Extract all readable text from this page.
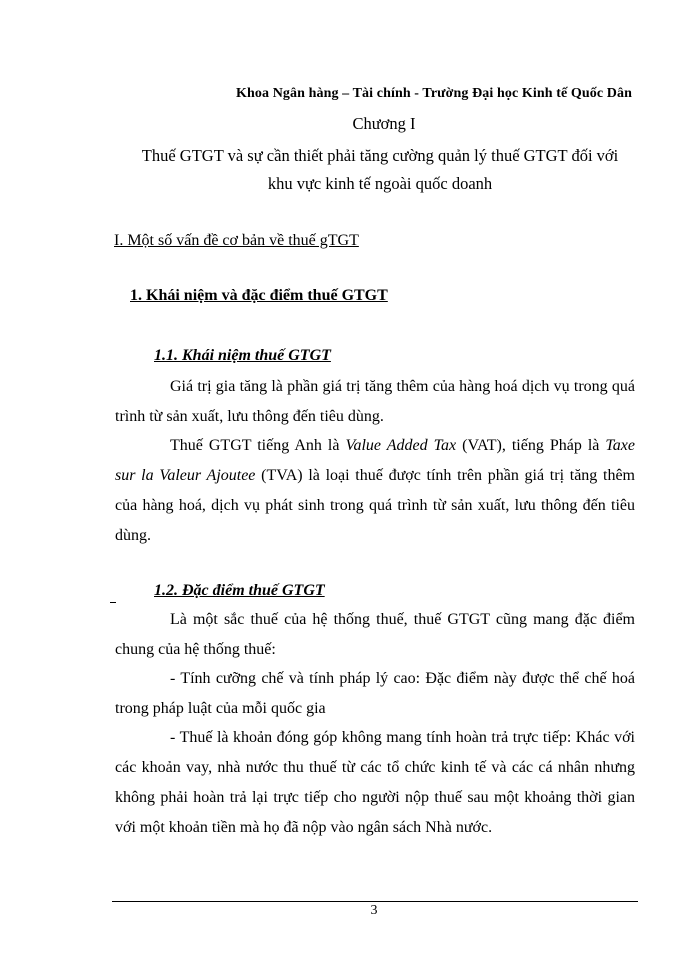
Khoa Ngân hàng – Tài chính - Trường Đại học Kinh tế Quốc Dân
Chương I
Thuế GTGT và sự cần thiết phải tăng cường quản lý thuế GTGT đối với
khu vực kinh tế ngoài quốc doanh
I. Một số vấn đề cơ bản về thuế gTGT
1. Khái niệm và đặc điểm thuế GTGT
1.1. Khái niệm thuế GTGT
Giá trị gia tăng là phần giá trị tăng thêm của hàng hoá dịch vụ trong quá trình từ sản xuất, lưu thông đến tiêu dùng.
Thuế GTGT tiếng Anh là Value Added Tax (VAT), tiếng Pháp là Taxe sur la Valeur Ajoutee (TVA) là loại thuế được tính trên phần giá trị tăng thêm của hàng hoá, dịch vụ phát sinh trong quá trình từ sản xuất, lưu thông đến tiêu dùng.
1.2. Đặc điểm thuế GTGT
Là một sắc thuế của hệ thống thuế, thuế GTGT cũng mang đặc điểm chung của hệ thống thuế:
- Tính cưỡng chế và tính pháp lý cao: Đặc điểm này được thể chế hoá trong pháp luật của mỗi quốc gia
- Thuế là khoản đóng góp không mang tính hoàn trả trực tiếp: Khác với các khoản vay, nhà nước thu thuế từ các tổ chức kinh tế và các cá nhân nhưng không phải hoàn trả lại trực tiếp cho người nộp thuế sau một khoảng thời gian với một khoản tiền mà họ đã nộp vào ngân sách Nhà nước.
3
